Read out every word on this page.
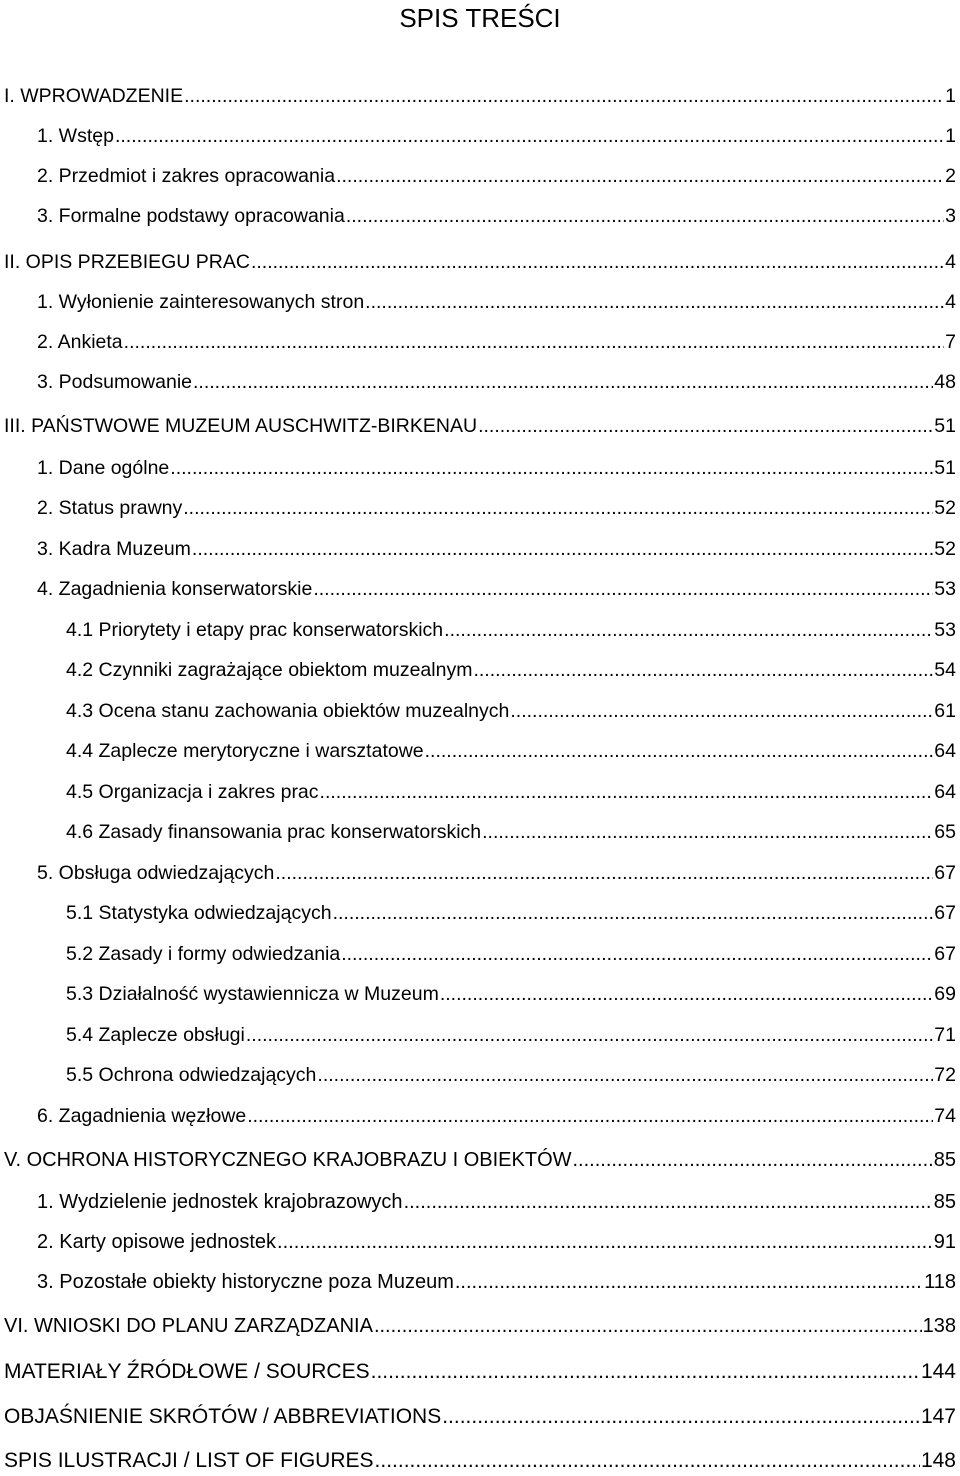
SPIS TREŚCI
I. WPROWADZENIE .....	1
1. Wstęp .....	1
2. Przedmiot i zakres opracowania .....	2
3. Formalne podstawy opracowania .....	3
II. OPIS PRZEBIEGU PRAC .....	4
1. Wyłonienie zainteresowanych stron .....	4
2. Ankieta .....	7
3. Podsumowanie .....	48
III. PAŃSTWOWE MUZEUM AUSCHWITZ-BIRKENAU .....	51
1. Dane ogólne .....	51
2. Status prawny .....	52
3. Kadra Muzeum .....	52
4. Zagadnienia konserwatorskie .....	53
4.1 Priorytety i etapy prac konserwatorskich .....	53
4.2 Czynniki zagrażające obiektom muzealnym .....	54
4.3 Ocena stanu zachowania obiektów muzealnych .....	61
4.4 Zaplecze merytoryczne i warsztatowe .....	64
4.5 Organizacja i zakres prac .....	64
4.6 Zasady finansowania prac konserwatorskich .....	65
5. Obsługa odwiedzających .....	67
5.1 Statystyka odwiedzających .....	67
5.2 Zasady i formy odwiedzania .....	67
5.3 Działalność wystawiennicza w Muzeum .....	69
5.4 Zaplecze obsługi .....	71
5.5 Ochrona odwiedzających .....	72
6. Zagadnienia węzłowe .....	74
V. OCHRONA HISTORYCZNEGO KRAJOBRAZU I OBIEKTÓW .....	85
1. Wydzielenie jednostek krajobrazowych .....	85
2. Karty opisowe jednostek .....	91
3. Pozostałe obiekty historyczne poza Muzeum .....	118
VI. WNIOSKI DO PLANU ZARZĄDZANIA .....	138
MATERIAŁY ŹRÓDŁOWE / SOURCES .....	144
OBJAŚNIENIE SKRÓTÓW / ABBREVIATIONS .....	147
SPIS ILUSTRACJI / LIST OF FIGURES .....	148
